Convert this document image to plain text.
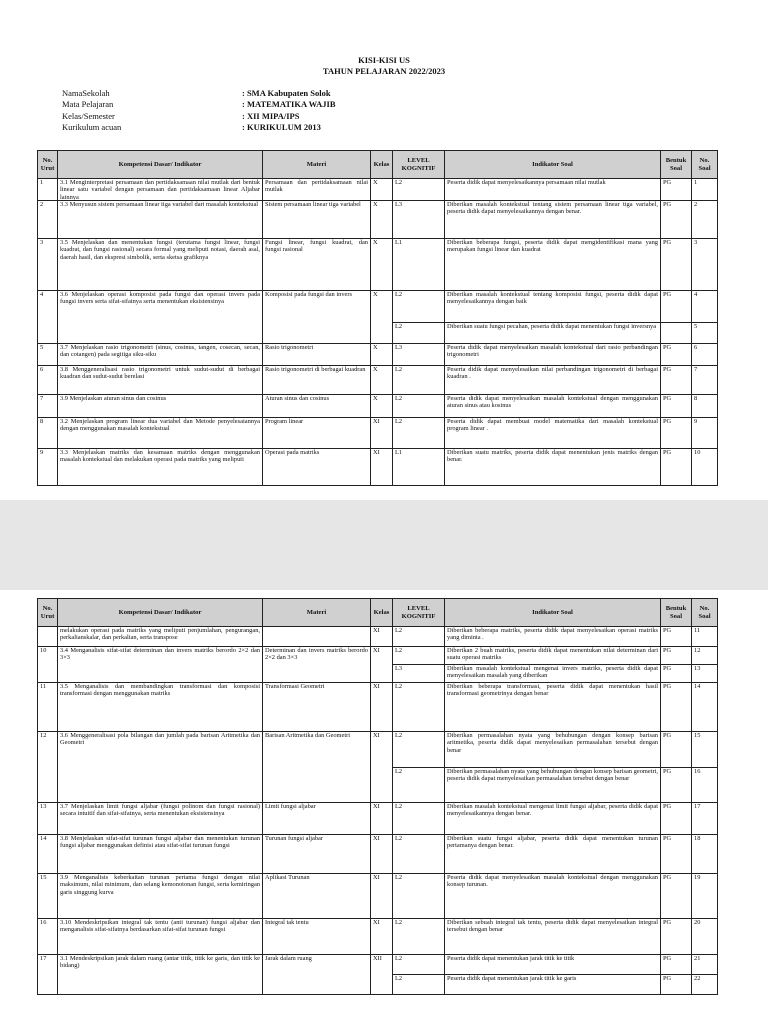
KISI-KISI US
TAHUN PELAJARAN 2022/2023
NamaSekolah	: SMA Kabupaten Solok
Mata Pelajaran	: MATEMATIKA WAJIB
Kelas/Semester	: XII MIPA/IPS
Kurikulum acuan	: KURIKULUM 2013
No. Urut	Kompetensi Dasar/ Indikator	Materi	Kelas	LEVEL KOGNITIF	Indikator Soal	Bentuk Soal	No. Soal

1	3.1 Menginterpretasi persamaan dan pertidaksamaan nilai mutlak dari bentuk linear satu variabel dengan persamaan dan pertidaksamaan linear Aljabar lainnya	Persamaan dan pertidaksamaan nilai mutlak	X	L2	Peserta didik dapat menyelesaikannya persamaan nilai mutlak	PG	1

2	3.3 Menyusun sistem persamaan linear tiga variabel dari masalah kontekstual	Sistem persamaan linear tiga variabel	X	L3	Diberikan masalah kontekstual tentang sistem persamaan linear tiga variabel, peserta didik dapat menyelesaikannya dengan benar.	PG	2

3	3.5 Menjelaskan dan menentukan fungsi (terutama fungsi linear, fungsi kuadrat, dan fungsi rasional) secara formal yang meliputi notasi, daerah asal, daerah hasil, dan ekspresi simbolik, serta sketsa grafiknya	Fungsi linear, fungsi kuadrat, dan fungsi rasional	X	L1	Diberikan beberapa fungsi, peserta didik dapat mengidentifikasi mana yang merupakan fungsi linear dan kuadrat	PG	3

4	3.6 Menjelaskan operasi komposisi pada fungsi dan operasi invers pada fungsi invers serta sifat-sifatnya serta menentukan eksistensinya	Komposisi pada fungsi dan invers	X	L2	Diberikan masalah kontekstual tentang komposisi fungsi, peserta didik dapat menyelesaikannya dengan baik	PG	4

				L2	Diberikan suatu fungsi pecahan, peserta didik dapat menentukan fungsi inversnya		5

5	3.7 Menjelaskan rasio trigonometri (sinus, cosinus, tangen, cosecan, secan, dan cotangen) pada segitiga siku-siku	Rasio trigonometri	X	L3	Peserta didik dapat menyelesaikan masalah kontekstual dari rasio perbandingan trigonometri	PG	6

6	3.8 Menggeneralisasi rasio trigonometri untuk sudut-sudut di berbagai kuadran dan sudut-sudut berelasi	Rasio trigonometri di berbagai kuadran	X	L2	Peserta didik dapat menyelesaikan nilai perbandingan trigonometri di berbagai kuadran .	PG	7

7	3.9 Menjelaskan aturan sinus dan cosinus	Aturan sinus dan cosinus	X	L2	Peserta didik dapat menyelesaikan masalah kontekstual dengan menggunakan aturan sinus atau kosinus	PG	8

8	3.2 Menjelaskan program linear dua variabel dan Metode penyelesaiannya dengan menggunakan masalah kontekstual	Program linear	XI	L2	Peserta didik dapat membuat model matematika dari masalah kontekstual program linear .	PG	9

9	3.3 Menjelaskan matriks dan kesamaan matriks dengan menggunakan masalah kontekstual dan melakukan operasi pada matriks yang meliputi	Operasi pada matriks	XI	L1	Diberikan suatu matriks, peserta didik dapat menentukan jenis matriks dengan benar.	PG	10
No. Urut	Kompetensi Dasar/ Indikator	Materi	Kelas	LEVEL KOGNITIF	Indikator Soal	Bentuk Soal	No. Soal

	melakukan operasi pada matriks yang meliputi penjumlahan, pengurangan, perkalianskalar, dan perkalian, serta transpose		XI	L2	Diberikan beberapa matriks, peserta didik dapat menyelesaikan operasi matriks yang diminta .	PG	11

10	3.4 Menganalisis sifat-sifat determinan dan invers matriks berordo 2×2 dan 3×3	Determinan dan invers matriks berordo 2×2 dan 3×3	XI	L2	Diberikan 2 buah matriks, peserta didik dapat menentukan nilai determinan dari suatu operasi matriks	PG	12

				L3	Diberikan masalah kontekstual mengenai invers matriks, peserta didik dapat menyelesaikan masalah yang diberikan	PG	13

11	3.5 Menganalisis dan membandingkan transformasi dan komposisi transformasi dengan menggunakan matriks	Transformasi Geometri	XI	L2	Diberikan beberapa transformasi, peserta didik dapat menentukan hasil transformasi geometrinya dengan benar	PG	14

12	3.6 Menggeneralisasi pola bilangan dan jumlah pada barisan Aritmetika dan Geometri	Barisan Aritmetika dan Geometri	XI	L2	Diberikan permasalahan nyata yang behubungan dengan konsep barisan aritmetika, peserta didik dapat menyelesaikan permasalahan tersebut dengan benar	PG	15

				L2	Diberikan permasalahan nyata yang behubungan dengan konsep barisan geometri, peserta didik dapat menyelesaikan permasalahan tersebut dengan benar	PG	16

13	3.7 Menjelaskan limit fungsi aljabar (fungsi polinom dan fungsi rasional) secara intuitif dan sifat-sifatnya, serta menentukan eksistensinya	Limit fungsi aljabar	XI	L2	Diberikan masalah kontekstual mengenai limit fungsi aljabar, peserta didik dapat menyelesaikannya dengan benar.	PG	17

14	3.8 Menjelaskan sifat-sifat turunan fungsi aljabar dan menentukan turunan fungsi aljabar menggunakan definisi atau sifat-sifat turunan fungsi	Turunan fungsi aljabar	XI	L2	Diberikan suatu fungsi aljabar, peserta didik dapat menentukan turunan pertamanya dengan benar.	PG	18

15	3.9 Menganalisis keberkaitan turunan pertama fungsi dengan nilai maksimum, nilai minimum, dan selang kemonotonan fungsi, serta kemiringan garis singgung kurva	Aplikasi Turunan	XI	L2	Peserta didik dapat menyelesaikan masalah kontekstual dengan menggunakan konsep turunan.	PG	19

16	3.10 Mendeskripsikan integral tak tentu (anti turunan) fungsi aljabar dan menganalisis sifat-sifatnya berdasarkan sifat-sifat turunan fungsi	Integral tak tentu	XI	L2	Diberikan sebuah integral tak tentu, peserta didik dapat menyelesaikan integral tersebut dengan benar	PG	20

17	3.1 Mendeskripsikan jarak dalam ruang (antar titik, titik ke garis, dan titik ke bidang)	Jarak dalam ruang	XII	L2	Peserta didik dapat menentukan jarak titik ke titik	PG	21

				L2	Peserta didik dapat menentukan jarak titik ke garis	PG	22
